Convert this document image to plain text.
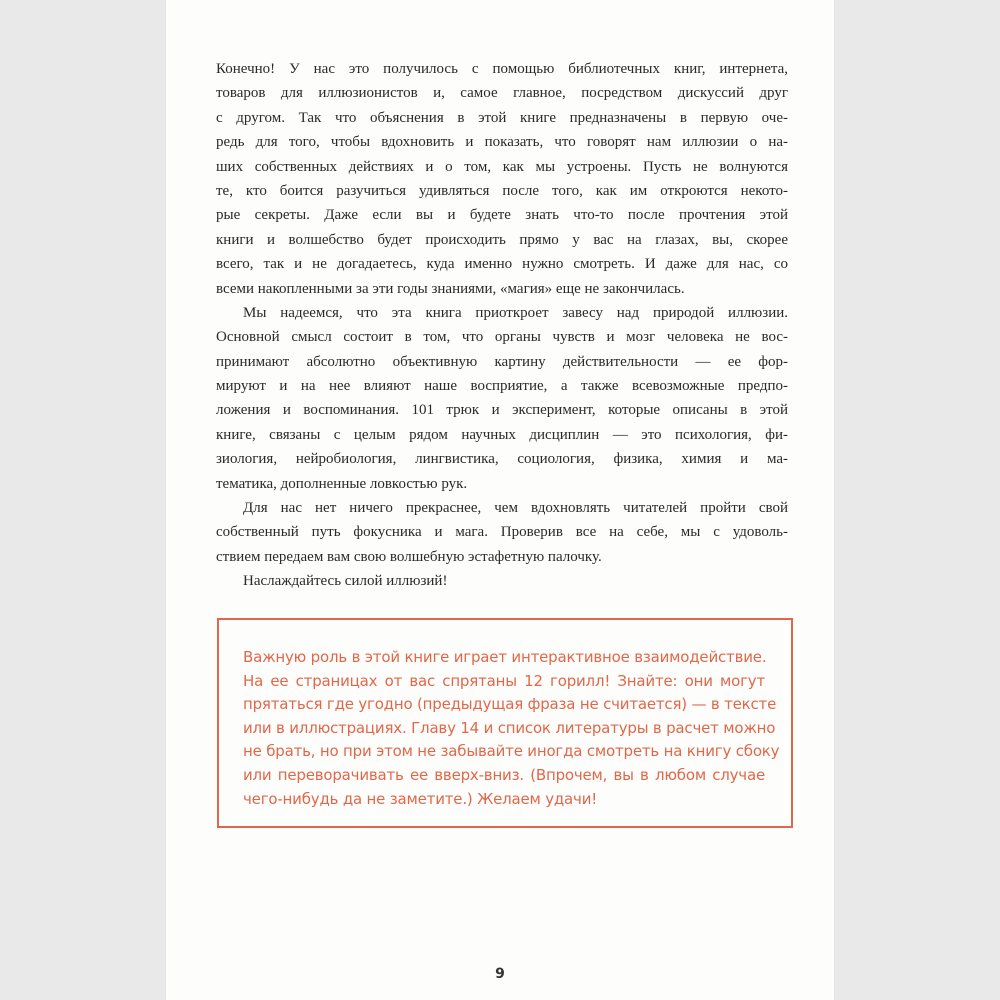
Конечно! У нас это получилось с помощью библиотечных книг, интернета,
товаров для иллюзионистов и, самое главное, посредством дискуссий друг
с другом. Так что объяснения в этой книге предназначены в первую оче-
редь для того, чтобы вдохновить и показать, что говорят нам иллюзии о на-
ших собственных действиях и о том, как мы устроены. Пусть не волнуются
те, кто боится разучиться удивляться после того, как им откроются некото-
рые секреты. Даже если вы и будете знать что-то после прочтения этой
книги и волшебство будет происходить прямо у вас на глазах, вы, скорее
всего, так и не догадаетесь, куда именно нужно смотреть. И даже для нас, со
всеми накопленными за эти годы знаниями, «магия» еще не закончилась.
Мы надеемся, что эта книга приоткроет завесу над природой иллюзии.
Основной смысл состоит в том, что органы чувств и мозг человека не вос-
принимают абсолютно объективную картину действительности — ее фор-
мируют и на нее влияют наше восприятие, а также всевозможные предпо-
ложения и воспоминания. 101 трюк и эксперимент, которые описаны в этой
книге, связаны с целым рядом научных дисциплин — это психология, фи-
зиология, нейробиология, лингвистика, социология, физика, химия и ма-
тематика, дополненные ловкостью рук.
Для нас нет ничего прекраснее, чем вдохновлять читателей пройти свой
собственный путь фокусника и мага. Проверив все на себе, мы с удоволь-
ствием передаем вам свою волшебную эстафетную палочку.
Наслаждайтесь силой иллюзий!
Важную роль в этой книге играет интерактивное взаимодействие.
На ее страницах от вас спрятаны 12 горилл! Знайте: они могут
прятаться где угодно (предыдущая фраза не считается) — в тексте
или в иллюстрациях. Главу 14 и список литературы в расчет можно
не брать, но при этом не забывайте иногда смотреть на книгу сбоку
или переворачивать ее вверх-вниз. (Впрочем, вы в любом случае
чего-нибудь да не заметите.) Желаем удачи!
9
